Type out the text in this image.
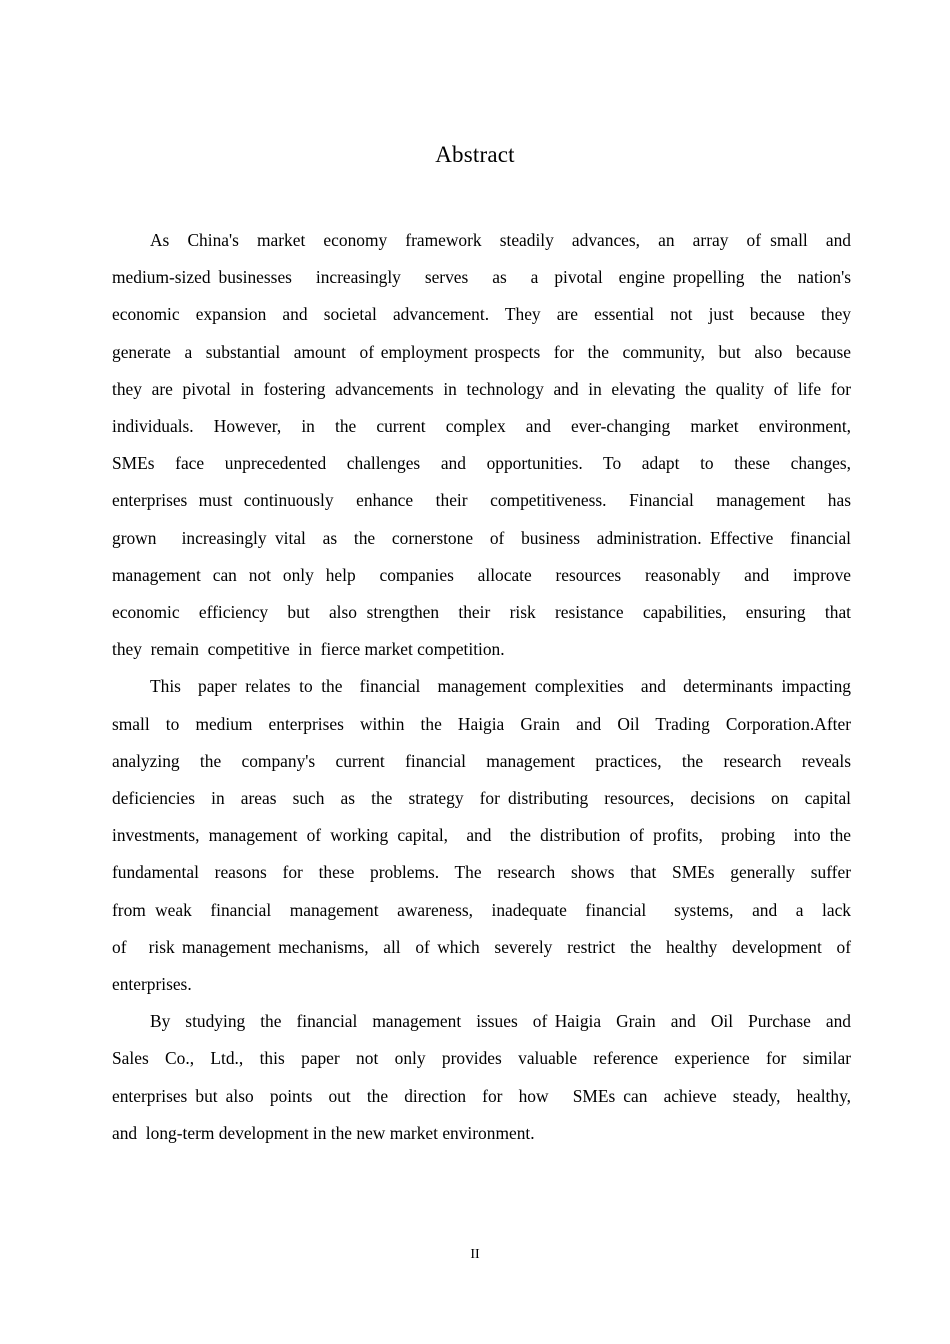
Abstract
As  China's  market  economy  framework  steadily  advances,  an  array  of small  and
medium-sized businesses   increasingly   serves   as   a  pivotal  engine propelling  the  nation's
economic  expansion  and  societal  advancement.  They  are  essential  not  just  because  they
generate  a  substantial  amount  of employment prospects  for  the  community,  but  also  because
they are pivotal in fostering advancements in technology and in elevating the quality of life for
individuals.  However,  in  the  current  complex  and  ever-changing  market  environment,
SMEs  face  unprecedented  challenges  and  opportunities.  To  adapt  to  these  changes,
enterprises must continuously  enhance  their  competitiveness.  Financial  management  has
grown   increasingly vital  as  the  cornerstone  of  business  administration. Effective  financial
management can not only help  companies  allocate  resources  reasonably  and  improve
economic  efficiency  but  also strengthen  their  risk  resistance  capabilities,  ensuring  that
they  remain  competitive  in  fierce market competition.
This  paper relates to the  financial  management complexities  and  determinants impacting
small  to  medium  enterprises  within  the  Haigia  Grain  and  Oil  Trading  Corporation.After
analyzing  the  company's  current  financial  management  practices,  the  research  reveals
deficiencies  in  areas  such  as  the  strategy  for distributing  resources,  decisions  on  capital
investments, management of working capital,  and  the distribution of profits,  probing  into the
fundamental  reasons  for  these  problems.  The  research  shows  that  SMEs  generally  suffer
from weak  financial  management  awareness,  inadequate  financial   systems,  and  a  lack
of   risk management mechanisms,  all  of which  severely  restrict  the  healthy  development  of
enterprises.
By  studying  the  financial  management  issues  of Haigia  Grain  and  Oil  Purchase  and
Sales  Co.,  Ltd.,  this  paper  not  only  provides  valuable  reference  experience  for  similar
enterprises but also  points  out  the  direction  for  how   SMEs can  achieve  steady,  healthy,
and  long-term development in the new market environment.
II
